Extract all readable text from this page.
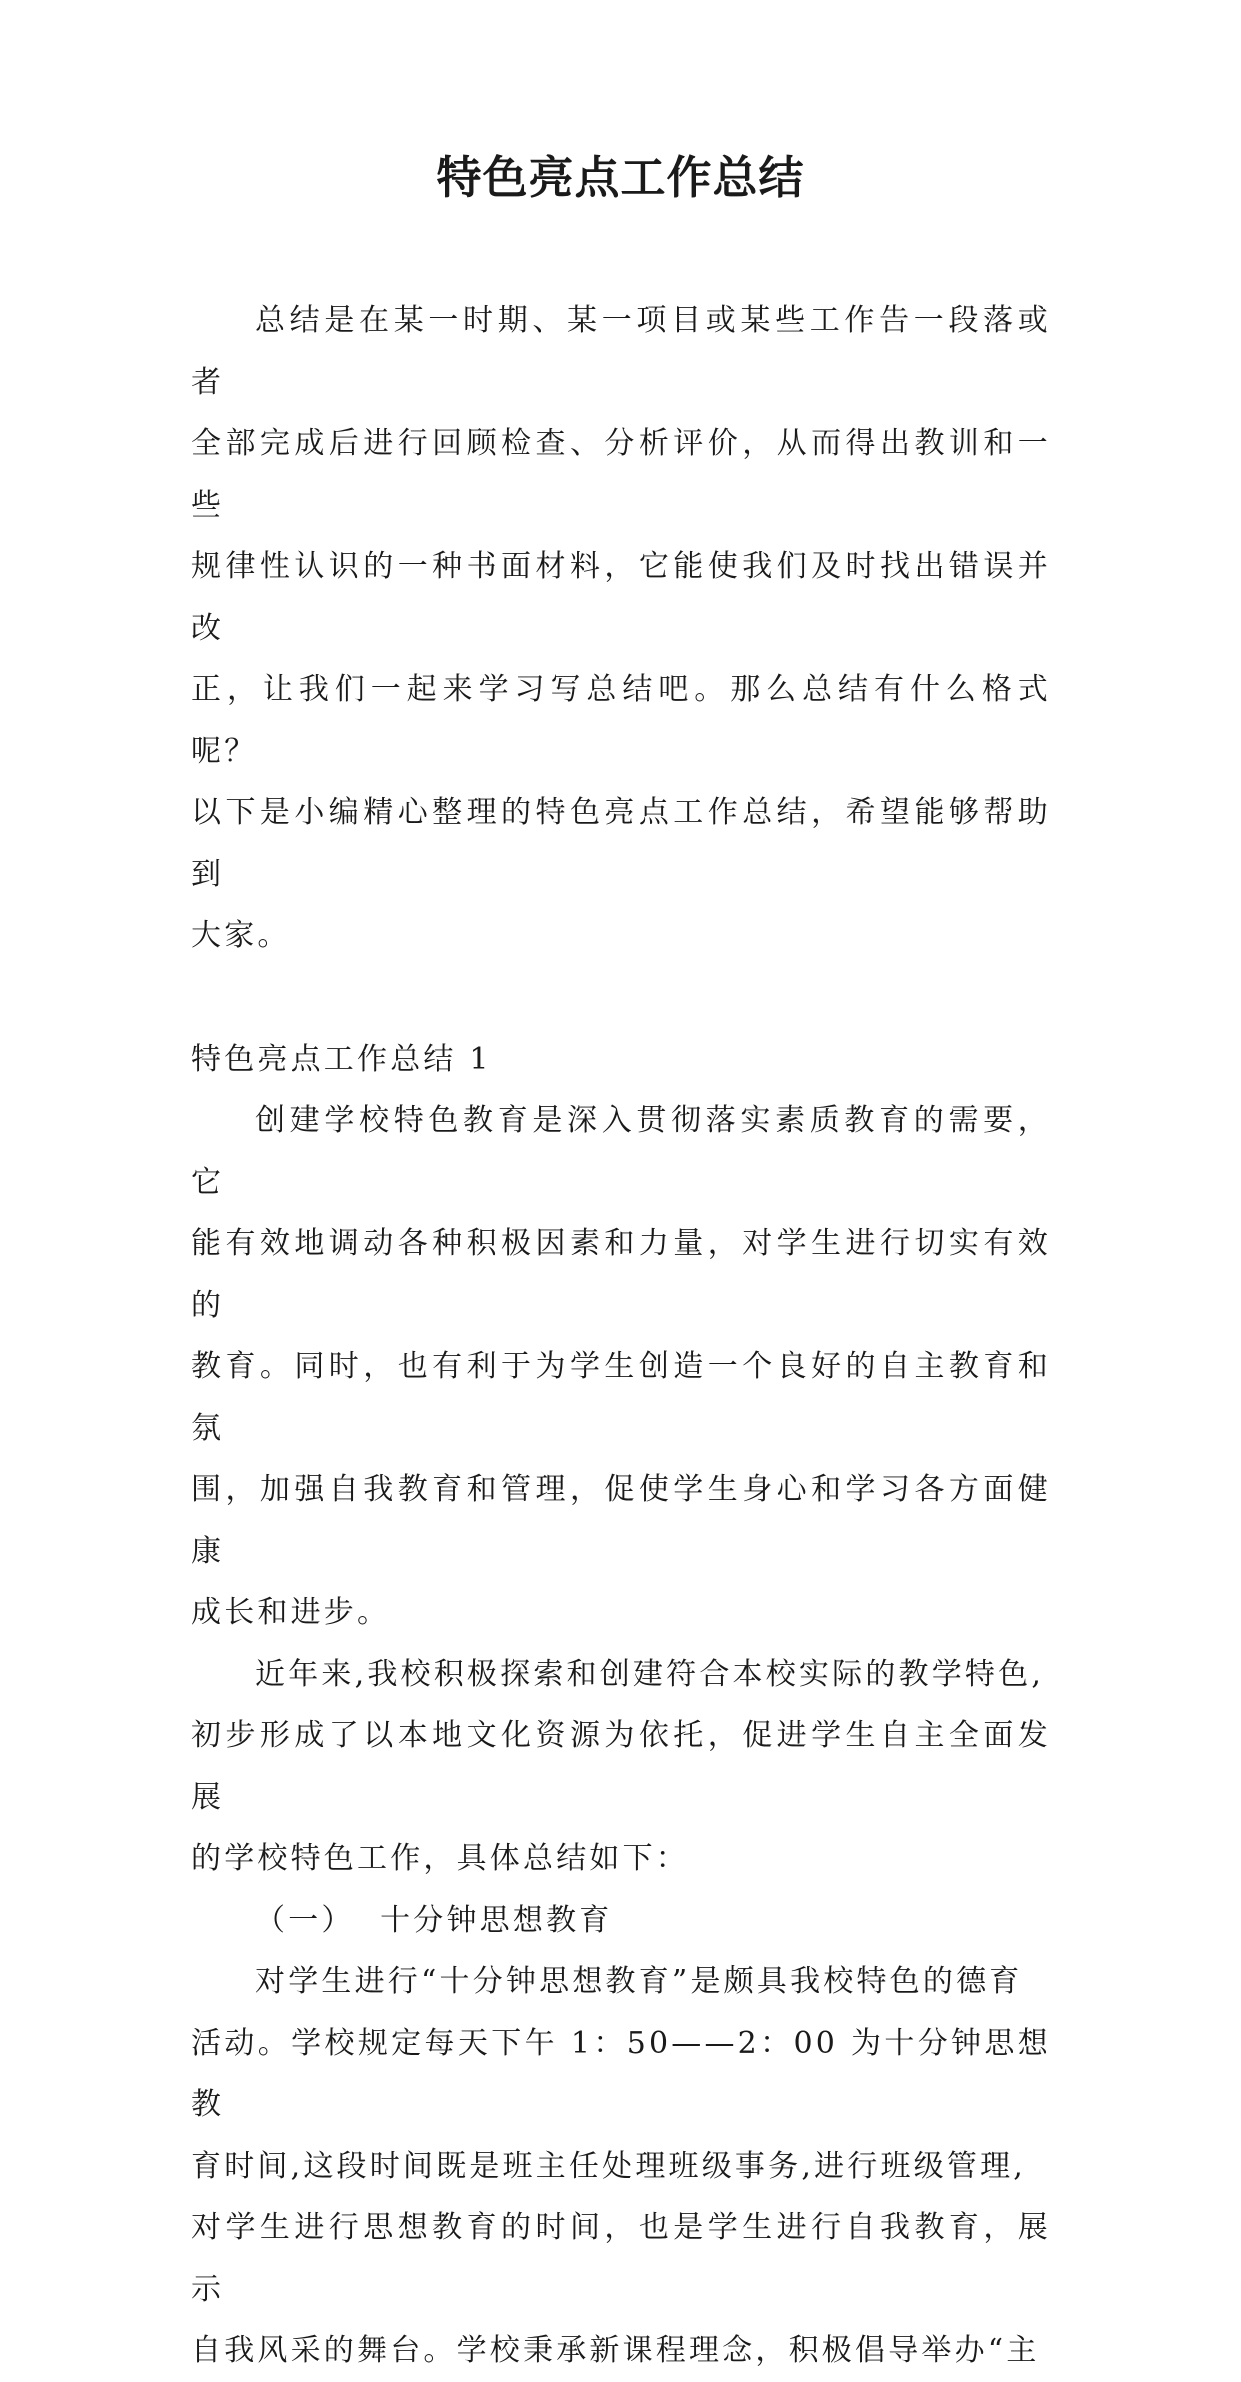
特色亮点工作总结

总结是在某一时期、某一项目或某些工作告一段落或者

全部完成后进行回顾检查、分析评价，从而得出教训和一些

规律性认识的一种书面材料，它能使我们及时找出错误并改

正，让我们一起来学习写总结吧。那么总结有什么格式呢？

以下是小编精心整理的特色亮点工作总结，希望能够帮助到

大家。

特色亮点工作总结 1

创建学校特色教育是深入贯彻落实素质教育的需要，它

能有效地调动各种积极因素和力量，对学生进行切实有效的

教育。同时，也有利于为学生创造一个良好的自主教育和氛

围，加强自我教育和管理，促使学生身心和学习各方面健康

成长和进步。

近年来,我校积极探索和创建符合本校实际的教学特色,

初步形成了以本地文化资源为依托，促进学生自主全面发展

的学校特色工作，具体总结如下：

（一）  十分钟思想教育

对学生进行“十分钟思想教育”是颇具我校特色的德育

活动。学校规定每天下午 1：50——2：00 为十分钟思想教

育时间,这段时间既是班主任处理班级事务,进行班级管理,

对学生进行思想教育的时间，也是学生进行自我教育，展示

自我风采的舞台。学校秉承新课程理念，积极倡导举办“主
